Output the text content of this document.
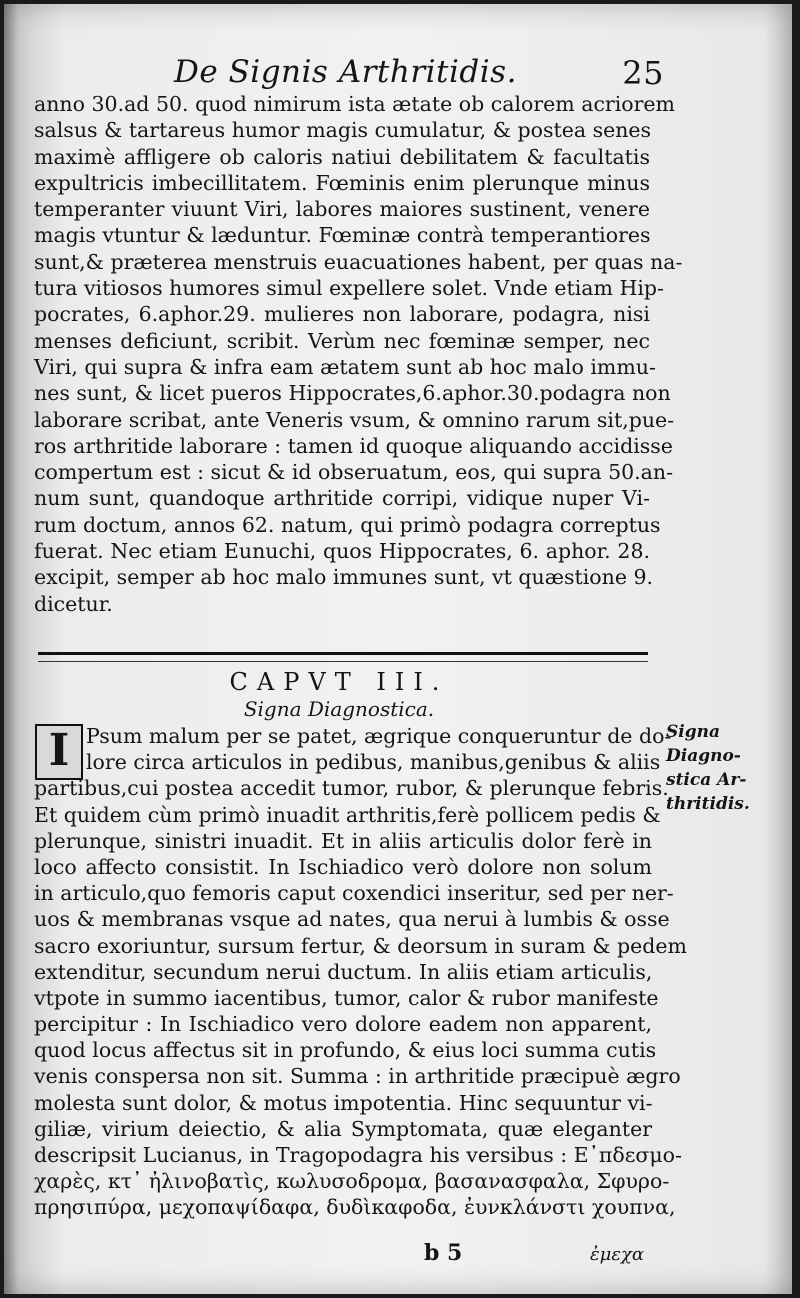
De Signis Arthritidis.	25
anno 30.ad 50. quod nimirum ista ætate ob calorem acriorem
salsus & tartareus humor magis cumulatur, & postea senes
maximè affligere ob caloris natiui debilitatem & facultatis
expultricis imbecillitatem. Fœminis enim plerunque minus
temperanter viuunt Viri, labores maiores sustinent, venere
magis vtuntur & læduntur. Fœminæ contrà temperantiores
sunt,& præterea menstruis euacuationes habent, per quas na-
tura vitiosos humores simul expellere solet. Vnde etiam Hip-
pocrates, 6.aphor.29. mulieres non laborare, podagra, nisi
menses deficiunt, scribit. Verùm nec fœminæ semper, nec
Viri, qui supra & infra eam ætatem sunt ab hoc malo immu-
nes sunt, & licet pueros Hippocrates,6.aphor.30.podagra non
laborare scribat, ante Veneris vsum, & omnino rarum sit,pue-
ros arthritide laborare : tamen id quoque aliquando accidisse
compertum est : sicut & id obseruatum, eos, qui supra 50.an-
num sunt, quandoque arthritide corripi, vidique nuper Vi-
rum doctum, annos 62. natum, qui primò podagra correptus
fuerat. Nec etiam Eunuchi, quos Hippocrates, 6. aphor. 28.
excipit, semper ab hoc malo immunes sunt, vt quæstione 9.
dicetur.
CAPVT III.
Signa Diagnostica.
I Psum malum per se patet, ægrique conqueruntur de do-
lore circa articulos in pedibus, manibus,genibus & aliis
partibus,cui postea accedit tumor, rubor, & plerunque febris.
Et quidem cùm primò inuadit arthritis,ferè pollicem pedis &
plerunque, sinistri inuadit. Et in aliis articulis dolor ferè in
loco affecto consistit. In Ischiadico verò dolore non solum
in articulo,quo femoris caput coxendici inseritur, sed per ner-
uos & membranas vsque ad nates, qua nerui à lumbis & osse
sacro exoriuntur, sursum fertur, & deorsum in suram & pedem
extenditur, secundum nerui ductum. In aliis etiam articulis,
vtpote in summo iacentibus, tumor, calor & rubor manifeste
percipitur : In Ischiadico vero dolore eadem non apparent,
quod locus affectus sit in profundo, & eius loci summa cutis
venis conspersa non sit. Summa : in arthritide præcipuè ægro
molesta sunt dolor, & motus impotentia. Hinc sequuntur vi-
giliæ, virium deiectio, & alia Symptomata, quæ eleganter
descripsit Lucianus, in Tragopodagra his versibus : Ε᾽πδεσμο-
χαρὲς, κτ᾽ ἠλινοβατὶς, κωλυσοδρομα, βασανασφαλα, Σφυρο-
πρησιπύρα, μεχοπαψίδαφα, δυδὶκαφοδα, ἐυνκλάνστι χουπνα,
Signa
Diagno-
stica Ar-
thritidis.
b 5	ἐμεχα
